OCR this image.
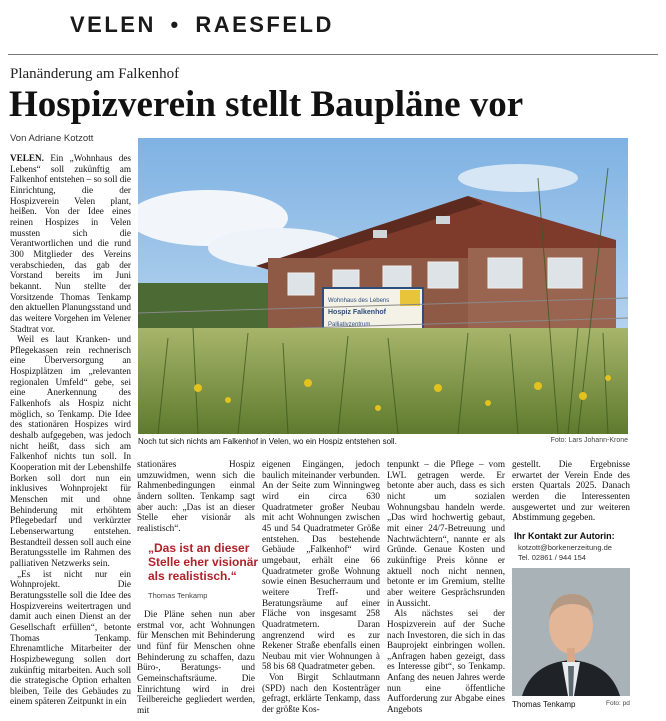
VELEN • RAESFELD
Planänderung am Falkenhof
Hospizverein stellt Baupläne vor
Von Adriane Kotzott

VELEN. Ein „Wohnhaus des Lebens“ soll zukünftig am Falkenhof entstehen – so soll die Einrichtung, die der Hospizverein Velen plant, heißen. Von der Idee eines reinen Hospizes in Velen mussten sich die Verantwortlichen und die rund 300 Mitglieder des Vereins verabschieden, das gab der Vorstand bereits im Juni bekannt. Nun stellte der Vorsitzende Thomas Tenkamp den aktuellen Planungsstand und das weitere Vorgehen im Velener Stadtrat vor.

Weil es laut Kranken- und Pflegekassen rein rechnerisch eine Überversorgung an Hospizplätzen im „relevanten regionalen Umfeld“ gebe, sei eine Anerkennung des Falkenhofs als Hospiz nicht möglich, so Tenkamp. Die Idee des stationären Hospizes wird deshalb aufgegeben, was jedoch nicht heißt, dass sich am Falkenhof nichts tun soll. In Kooperation mit der Lebenshilfe Borken soll dort nun ein inklusives Wohnprojekt für Menschen mit und ohne Behinderung mit erhöhtem Pflegebedarf und verkürzter Lebenserwartung entstehen. Bestandteil dessen soll auch eine Beratungsstelle im Rahmen des palliativen Netzwerks sein.

„Es ist nicht nur ein Wohnprojekt. Die Beratungsstelle soll die Idee des Hospizvereins weitertragen und damit auch einen Dienst an der Gesellschaft erfüllen“, betonte Thomas Tenkamp. Ehrenamtliche Mitarbeiter der Hospizbewegung sollen dort zukünftig mitarbeiten. Auch soll die strategische Option erhalten bleiben, Teile des Gebäudes zu einem späteren Zeitpunkt in ein

Wohnhaus des Lebens
Hospiz Falkenhof
Palliativzentrum
Noch tut sich nichts am Falkenhof in Velen, wo ein Hospiz entstehen soll.	Foto: Lars Johann-Krone

stationäres Hospiz umzuwidmen, wenn sich die Rahmenbedingungen einmal ändern sollten. Tenkamp sagt aber auch: „Das ist an dieser Stelle eher visionär als realistisch“.

„Das ist an dieser Stelle eher visionär als realistisch.“
Thomas Tenkamp

Die Pläne sehen nun aber erstmal vor, acht Wohnungen für Menschen mit Behinderung und fünf für Menschen ohne Behinderung zu schaffen, dazu Büro-, Beratungs- und Gemeinschaftsräume. Die Einrichtung wird in drei Teilbereiche gegliedert werden, mit

eigenen Eingängen, jedoch baulich miteinander verbunden. An der Seite zum Winningweg wird ein circa 630 Quadratmeter großer Neubau mit acht Wohnungen zwischen 45 und 54 Quadratmeter Größe entstehen. Das bestehende Gebäude „Falkenhof“ wird umgebaut, erhält eine 66 Quadratmeter große Wohnung sowie einen Besucherraum und weitere Treff- und Beratungsräume auf einer Fläche von insgesamt 258 Quadratmetern. Daran angrenzend wird es zur Rekener Straße ebenfalls einen Neubau mit vier Wohnungen à 58 bis 68 Quadratmeter geben.

Von Birgit Schlautmann (SPD) nach den Kostenträger gefragt, erklärte Tenkamp, dass der größte Kos-

tenpunkt – die Pflege – vom LWL getragen werde. Er betonte aber auch, dass es sich nicht um sozialen Wohnungsbau handeln werde. „Das wird hochwertig gebaut, mit einer 24/7-Betreuung und Nachtwächtern“, nannte er als Gründe. Genaue Kosten und zukünftige Preis könne er aktuell noch nicht nennen, betonte er im Gremium, stellte aber weitere Gesprächsrunden in Aussicht.

Als nächstes sei der Hospizverein auf der Suche nach Investoren, die sich in das Bauprojekt einbringen wollen. „Anfragen haben gezeigt, dass es Interesse gibt“, so Tenkamp. Anfang des neuen Jahres werde nun eine öffentliche Aufforderung zur Abgabe eines Angebots

gestellt. Die Ergebnisse erwartet der Verein Ende des ersten Quartals 2025. Danach werden die Interessenten ausgewertet und zur weiteren Abstimmung gegeben.

Ihr Kontakt zur Autorin:
kotzott@borkenerzeitung.de
Tel. 02861 / 944 154
Thomas Tenkamp	Foto: pd
